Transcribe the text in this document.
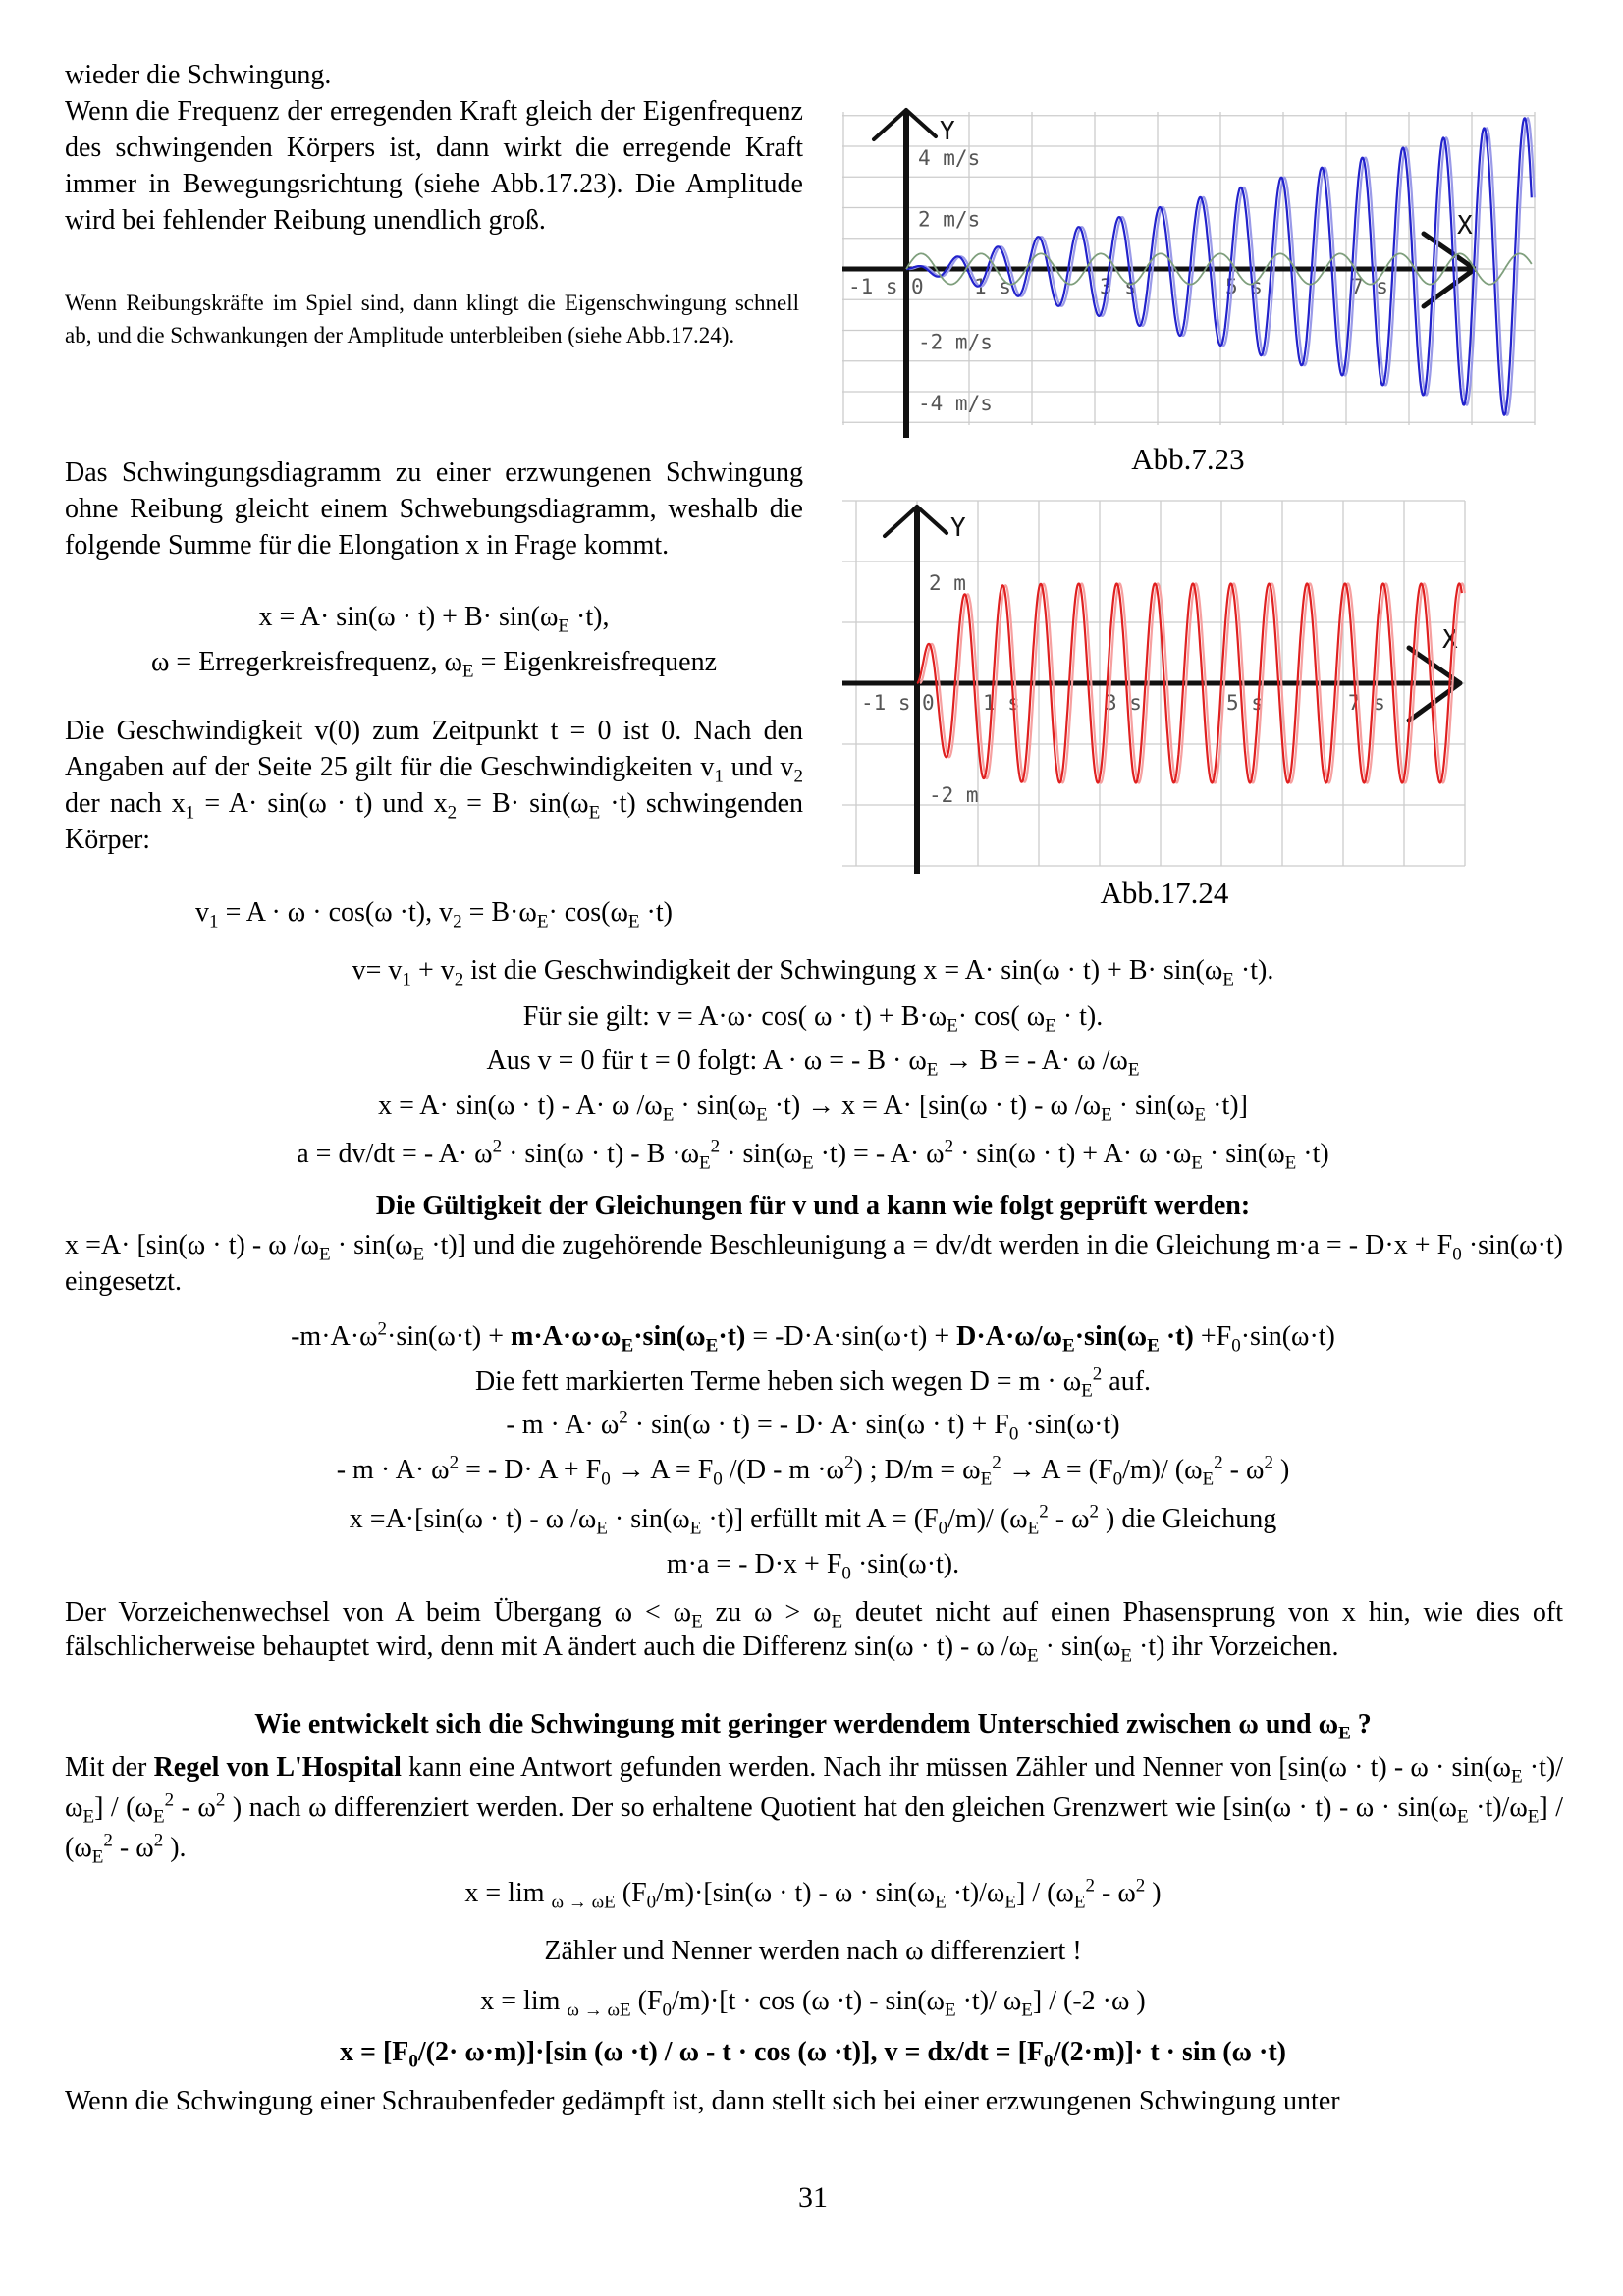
wieder die Schwingung.
Wenn die Frequenz der erregenden Kraft gleich der Eigenfrequenz des schwingenden Körpers ist, dann wirkt die erregende Kraft immer in Bewegungsrichtung (siehe Abb.17.23). Die Amplitude wird bei fehlender Reibung unendlich groß.
Wenn Reibungskräfte im Spiel sind, dann klingt die Eigenschwingung schnell ab, und die Schwankungen der Amplitude unterbleiben (siehe Abb.17.24).
Das Schwingungsdiagramm zu einer erzwungenen Schwingung ohne Reibung gleicht einem Schwebungsdiagramm, weshalb die folgende Summe für die Elongation x in Frage kommt.
$x = A\cdot \sin(\omega \cdot t) + B\cdot \sin(\omega_E \cdot t)$,
ω = Erregerkreisfrequenz, $\omega_E$ = Eigenkreisfrequenz
Die Geschwindigkeit v(0) zum Zeitpunkt t = 0 ist 0. Nach den Angaben auf der Seite 25 gilt für die Geschwindigkeiten $v_1$ und $v_2$ der nach $x_1 = A\cdot \sin(\omega \cdot t)$ und $x_2 = B\cdot \sin(\omega_E \cdot t)$ schwingenden Körper:
$v_1 = A \cdot \omega \cdot \cos(\omega \cdot t)$, $v_2 = B\cdot\omega_E\cdot \cos(\omega_E \cdot t)$
$v= v_1 + v_2$ ist die Geschwindigkeit der Schwingung $x = A\cdot \sin(\omega \cdot t) + B\cdot \sin(\omega_E \cdot t)$.
Für sie gilt: v = A·ω· cos( $\omega \cdot t) + B\cdot\omega_E\cdot \cos$( $\omega_E \cdot t$).
Aus v = 0 für t = 0 folgt: A · ω = - $B \cdot \omega_E \to B$ = - A· ω $/\omega_E$
x = A· sin(ω · t) - A· ω $/\omega_E \cdot \sin(\omega_E \cdot t) \to x = A\cdot [\sin(\omega \cdot t) - \omega$ $/\omega_E \cdot \sin(\omega_E \cdot t)$]
a = dv/dt = - $A\cdot \omega^2 \cdot \sin(\omega \cdot t) - B \cdot\omega_E^2 \cdot \sin(\omega_E \cdot t)$ = - $A\cdot \omega^2 \cdot \sin(\omega \cdot t) + A\cdot \omega \cdot\omega_E \cdot \sin(\omega_E \cdot t)$
Die Gültigkeit der Gleichungen für v und a kann wie folgt geprüft werden:
x =A· [sin(ω · t) - ω $/\omega_E \cdot \sin(\omega_E \cdot t)$] und die zugehörende Beschleunigung a = dv/dt werden in die Gleichung m·a = - $D\cdot x + F_0 \cdot\sin(\omega\cdot t)$ eingesetzt.
$-m\cdot A\cdot\omega^2\cdot\sin(\omega\cdot t) + m\cdot A\cdot\omega\cdot\omega_E\cdot\sin(\omega_E\cdot t) = -D\cdot A\cdot\sin(\omega\cdot t) + D\cdot A\cdot\omega/\omega_E\cdot\sin(\omega_E \cdot t) +F_0\cdot\sin(\omega\cdot t)$
Die fett markierten Terme heben sich wegen $D = m \cdot \omega_E^2$ auf.
- $m \cdot A\cdot \omega^2 \cdot \sin(\omega \cdot t)$ = - $D\cdot A\cdot \sin(\omega \cdot t) + F_0 \cdot\sin(\omega\cdot t)$
- $m \cdot A\cdot \omega^2$ = - $D\cdot A + F_0 \to A = F_0$ $/(D - m \cdot\omega^2)$ ; $D/m = \omega_E^2 \to A = (F_0/m)/$ ($\omega_E^2 - \omega^2$ )
x =A·[sin(ω · t) - ω $/\omega_E \cdot \sin(\omega_E \cdot t)$] erfüllt mit $A = (F_0/m)/$ ($\omega_E^2 - \omega^2$ ) die Gleichung
m·a = - $D\cdot x + F_0 \cdot\sin(\omega\cdot t)$.
Der Vorzeichenwechsel von A beim Übergang $\omega < \omega_E$ zu $\omega > \omega_E$ deutet nicht auf einen Phasensprung von x hin, wie dies oft fälschlicherweise behauptet wird, denn mit A ändert auch die Differenz sin(ω · t) - ω $/\omega_E \cdot \sin(\omega_E \cdot t)$ ihr Vorzeichen.
Wie entwickelt sich die Schwingung mit geringer werdendem Unterschied zwischen ω und $\omega_E$ ?
Mit der Regel von L'Hospital kann eine Antwort gefunden werden. Nach ihr müssen Zähler und Nenner von $[\sin(\omega \cdot t) - \omega \cdot \sin(\omega_E \cdot t)/\omega_E] / (\omega_E^2 - \omega^2$ ) nach ω differenziert werden. Der so erhaltene Quotient hat den gleichen Grenzwert wie $[\sin(\omega \cdot t) - \omega \cdot \sin(\omega_E \cdot t)/\omega_E] / (\omega_E^2 - \omega^2$ ).
x = lim $_{\omega \to \omega E}$ $(F_0/m)\cdot[\sin(\omega \cdot t) - \omega \cdot \sin(\omega_E \cdot t)/\omega_E] / (\omega_E^2 - \omega^2$ )
Zähler und Nenner werden nach ω differenziert !
x = lim $_{\omega \to \omega E}$ $(F_0/m)\cdot[t \cdot \cos (\omega \cdot t) - \sin(\omega_E \cdot t)/$ $\omega_E] / (-2 \cdot\omega$ )
$x = [F_0/(2\cdot \omega\cdot m)]\cdot[\sin$ (ω ·t) / ω - t · cos (ω ·t)], $v = dx/dt = [F_0/(2\cdot m)]\cdot t \cdot \sin (\omega \cdot t)$
Wenn die Schwingung einer Schraubenfeder gedämpft ist, dann stellt sich bei einer erzwungenen Schwingung unter
31
Y
X
-1 s 0 1 s	3 s	5 s	7 s
4 m/s
2 m/s
-2 m/s
-4 m/s
Abb.7.23
Y
X
-1 s 0 1 s	3 s	5 s	7 s
2 m
-2 m
Abb.17.24
